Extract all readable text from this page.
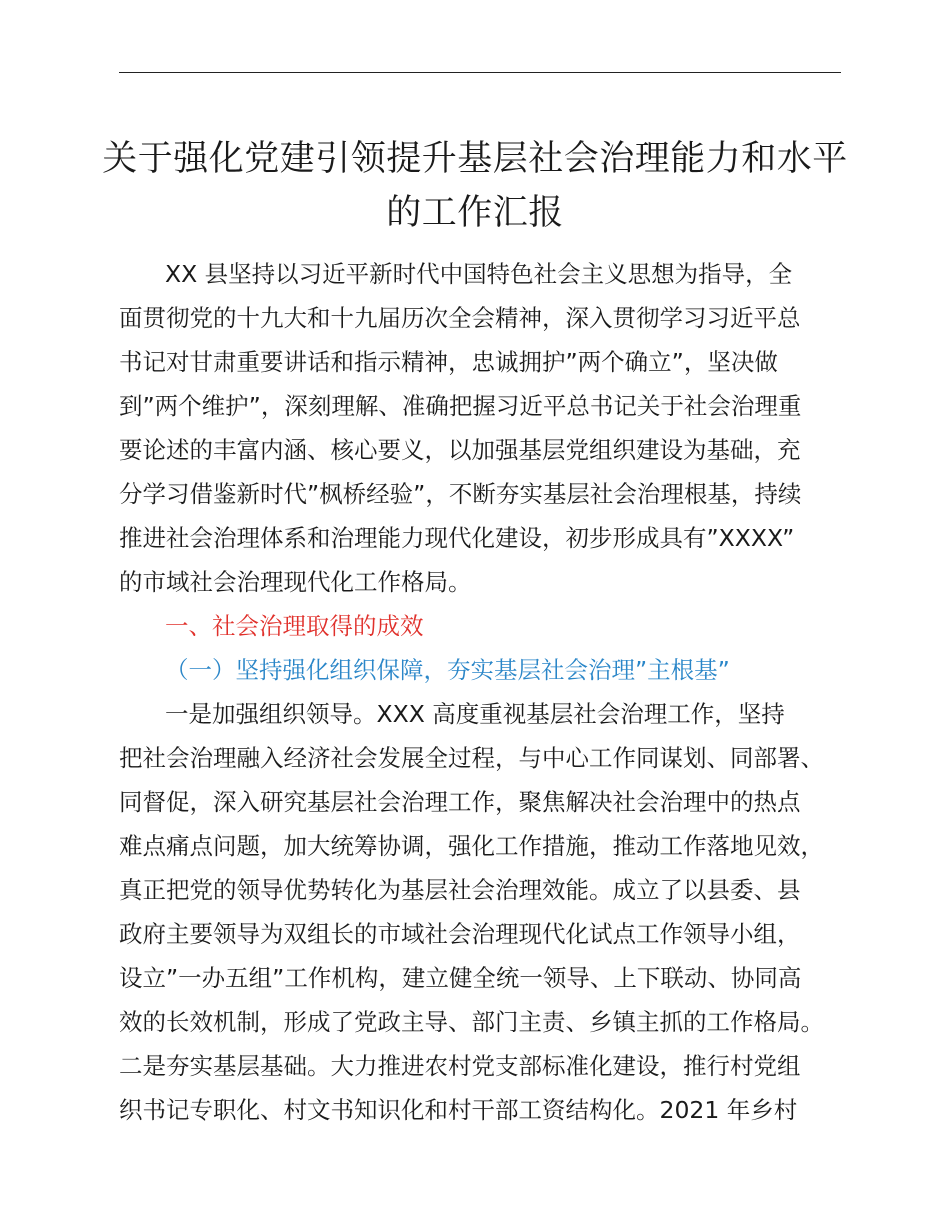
关于强化党建引领提升基层社会治理能力和水平
的工作汇报
XX 县坚持以习近平新时代中国特色社会主义思想为指导，全
面贯彻党的十九大和十九届历次全会精神，深入贯彻学习习近平总
书记对甘肃重要讲话和指示精神，忠诚拥护”两个确立”，坚决做
到”两个维护”，深刻理解、准确把握习近平总书记关于社会治理重
要论述的丰富内涵、核心要义，以加强基层党组织建设为基础，充
分学习借鉴新时代”枫桥经验”，不断夯实基层社会治理根基，持续
推进社会治理体系和治理能力现代化建设，初步形成具有”XXXX”
的市域社会治理现代化工作格局。
一、社会治理取得的成效
（一）坚持强化组织保障，夯实基层社会治理”主根基”
一是加强组织领导。XXX 高度重视基层社会治理工作，坚持
把社会治理融入经济社会发展全过程，与中心工作同谋划、同部署、
同督促，深入研究基层社会治理工作，聚焦解决社会治理中的热点
难点痛点问题，加大统筹协调，强化工作措施，推动工作落地见效，
真正把党的领导优势转化为基层社会治理效能。成立了以县委、县
政府主要领导为双组长的市域社会治理现代化试点工作领导小组，
设立”一办五组”工作机构，建立健全统一领导、上下联动、协同高
效的长效机制，形成了党政主导、部门主责、乡镇主抓的工作格局。
二是夯实基层基础。大力推进农村党支部标准化建设，推行村党组
织书记专职化、村文书知识化和村干部工资结构化。2021 年乡村
